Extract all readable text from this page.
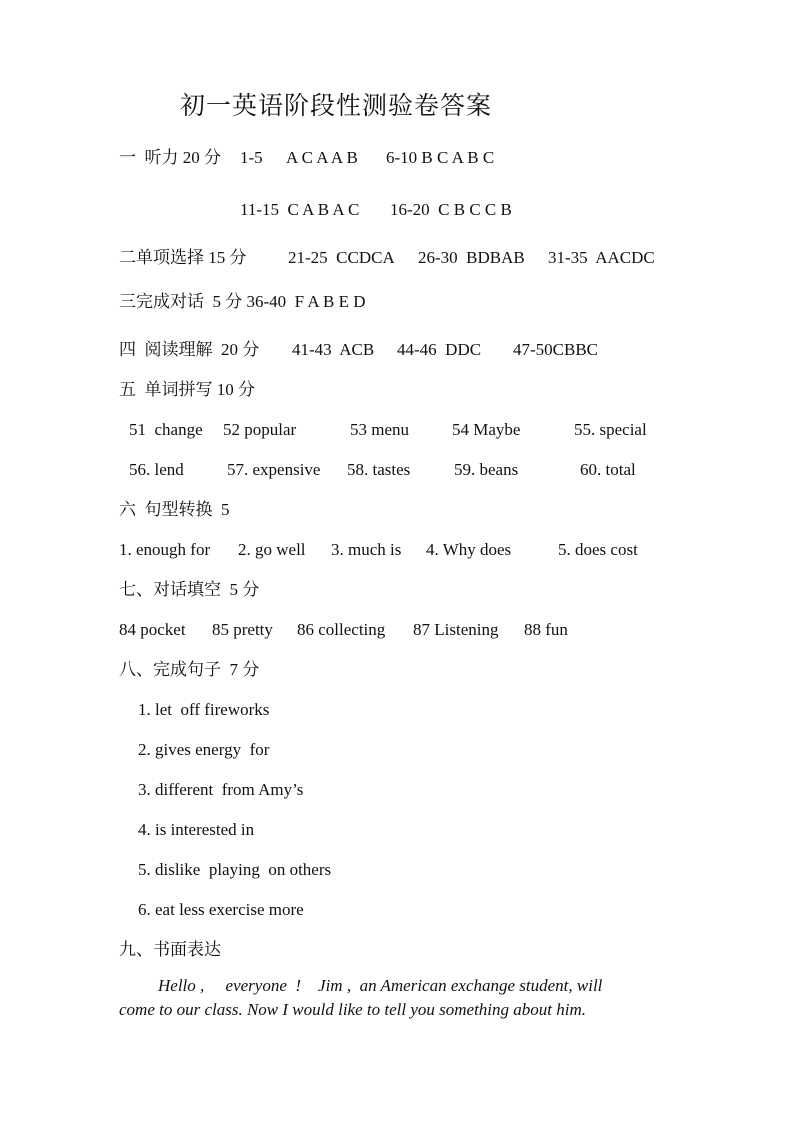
初一英语阶段性测验卷答案
一  听力 20 分 1-5 A C A A B 6-10 B C A B C
11-15  C A B A C 16-20  C B C C B
二单项选择 15 分 21-25  CCDCA 26-30  BDBAB 31-35  AACDC
三完成对话  5 分 36-40  F A B E D
四  阅读理解  20 分 41-43  ACB 44-46  DDC 47-50CBBC
五  单词拼写 10 分
51  change 52 popular	53 menu	54 Maybe	55. special
56. lend	57. expensive 58. tastes	59. beans	60. total
六  句型转换  5
1. enough for 2. go well 3. much is 4. Why does	5. does cost
七、对话填空  5 分
84 pocket 85 pretty 86 collecting 87 Listening 88 fun
八、完成句子  7 分
1. let  off fireworks
2. gives energy  for
3. different  from Amy’s
4. is interested in
5. dislike  playing  on others
6. eat less exercise more
九、书面表达
Hello ,     everyone  !    Jim ,  an American exchange student, will
come to our class. Now I would like to tell you something about him.
